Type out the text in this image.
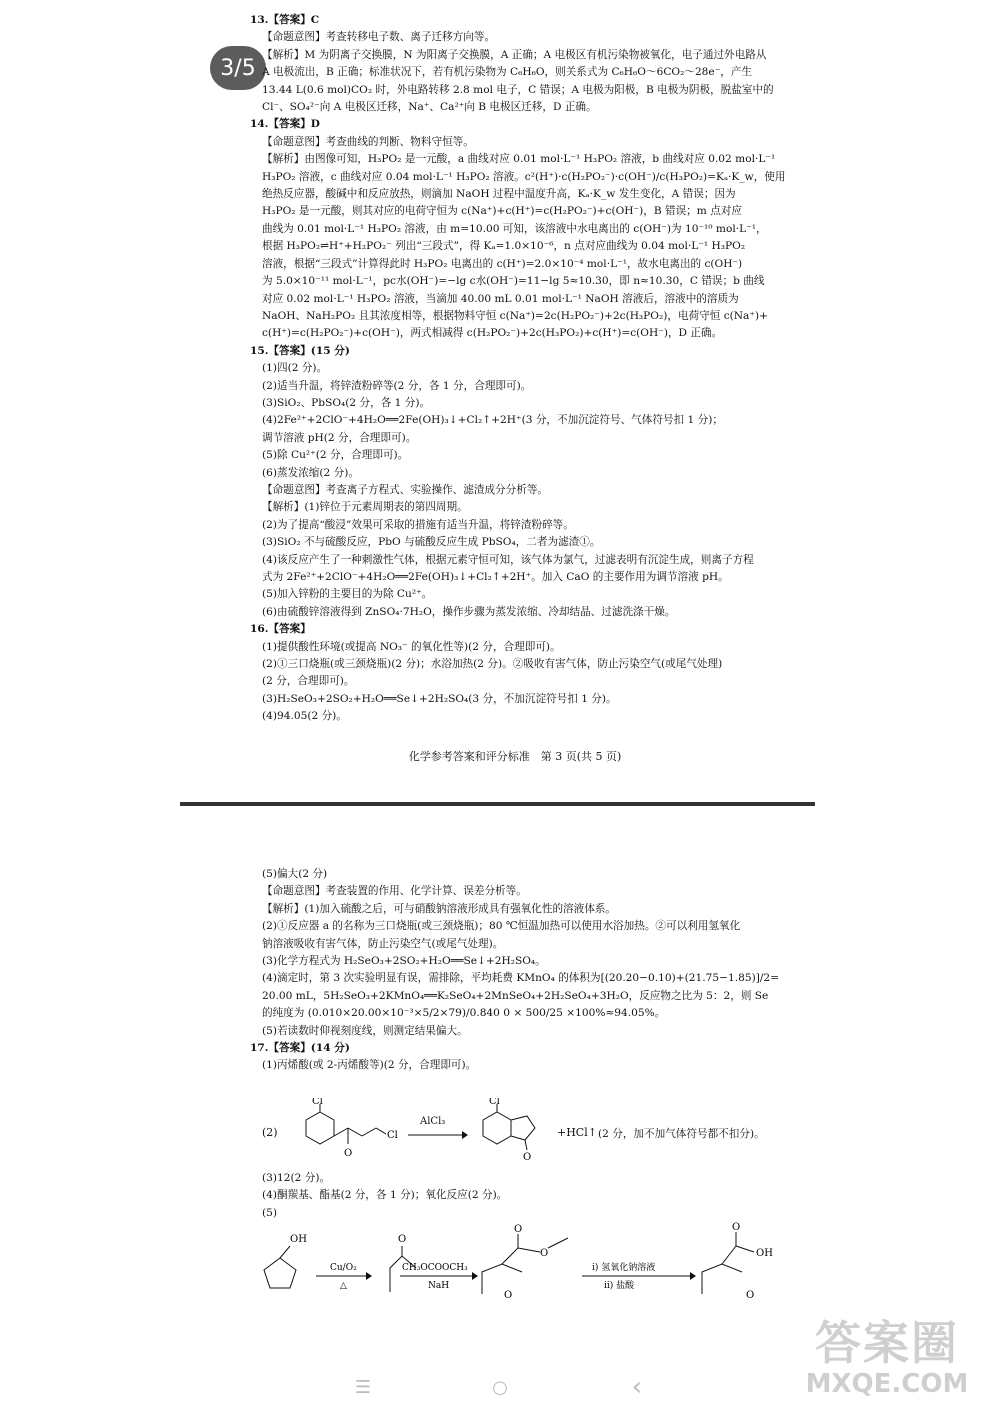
3/5

13.【答案】C

【命题意图】考查转移电子数、离子迁移方向等。

【解析】M 为阴离子交换膜，N 为阳离子交换膜，A 正确；A 电极区有机污染物被氧化，电子通过外电路从

A 电极流出，B 正确；标准状况下，若有机污染物为 C₆H₆O，则关系式为 C₆H₆O～6CO₂～28e⁻，产生

13.44 L(0.6 mol)CO₂ 时，外电路转移 2.8 mol 电子，C 错误；A 电极为阳极，B 电极为阴极，脱盐室中的

Cl⁻、SO₄²⁻向 A 电极区迁移，Na⁺、Ca²⁺向 B 电极区迁移，D 正确。

14.【答案】D

【命题意图】考查曲线的判断、物料守恒等。

【解析】由图像可知，H₃PO₂ 是一元酸，a 曲线对应 0.01 mol·L⁻¹ H₃PO₂ 溶液，b 曲线对应 0.02 mol·L⁻¹

H₃PO₂ 溶液，c 曲线对应 0.04 mol·L⁻¹ H₃PO₂ 溶液。c²(H⁺)·c(H₂PO₂⁻)·c(OH⁻)/c(H₃PO₂)=Kₐ·K_w，使用

绝热反应器，酸碱中和反应放热，则滴加 NaOH 过程中温度升高，Kₐ·K_w 发生变化，A 错误；因为

H₃PO₂ 是一元酸，则其对应的电荷守恒为 c(Na⁺)+c(H⁺)=c(H₂PO₂⁻)+c(OH⁻)，B 错误；m 点对应

曲线为 0.01 mol·L⁻¹ H₃PO₂ 溶液，由 m=10.00 可知，该溶液中水电离出的 c(OH⁻)为 10⁻¹⁰ mol·L⁻¹，

根据 H₃PO₂⇌H⁺+H₂PO₂⁻ 列出“三段式”，得 Kₐ=1.0×10⁻⁶，n 点对应曲线为 0.04 mol·L⁻¹ H₃PO₂

溶液，根据“三段式”计算得此时 H₃PO₂ 电离出的 c(H⁺)=2.0×10⁻⁴ mol·L⁻¹，故水电离出的 c(OH⁻)

为 5.0×10⁻¹¹ mol·L⁻¹，pc水(OH⁻)=−lg c水(OH⁻)=11−lg 5≈10.30，即 n≈10.30，C 错误；b 曲线

对应 0.02 mol·L⁻¹ H₃PO₂ 溶液，当滴加 40.00 mL 0.01 mol·L⁻¹ NaOH 溶液后，溶液中的溶质为

NaOH、NaH₂PO₂ 且其浓度相等，根据物料守恒 c(Na⁺)=2c(H₂PO₂⁻)+2c(H₃PO₂)，电荷守恒 c(Na⁺)+

c(H⁺)=c(H₂PO₂⁻)+c(OH⁻)，两式相减得 c(H₂PO₂⁻)+2c(H₃PO₂)+c(H⁺)=c(OH⁻)，D 正确。

15.【答案】(15 分)

(1)四(2 分)。

(2)适当升温，将锌渣粉碎等(2 分，各 1 分，合理即可)。

(3)SiO₂、PbSO₄(2 分，各 1 分)。

(4)2Fe²⁺+2ClO⁻+4H₂O══2Fe(OH)₃↓+Cl₂↑+2H⁺(3 分，不加沉淀符号、气体符号扣 1 分)；

调节溶液 pH(2 分，合理即可)。

(5)除 Cu²⁺(2 分，合理即可)。

(6)蒸发浓缩(2 分)。

【命题意图】考查离子方程式、实验操作、滤渣成分分析等。

【解析】(1)锌位于元素周期表的第四周期。

(2)为了提高“酸浸”效果可采取的措施有适当升温，将锌渣粉碎等。

(3)SiO₂ 不与硫酸反应，PbO 与硫酸反应生成 PbSO₄，二者为滤渣①。

(4)该反应产生了一种刺激性气体，根据元素守恒可知，该气体为氯气，过滤表明有沉淀生成，则离子方程

式为 2Fe²⁺+2ClO⁻+4H₂O══2Fe(OH)₃↓+Cl₂↑+2H⁺。加入 CaO 的主要作用为调节溶液 pH。

(5)加入锌粉的主要目的为除 Cu²⁺。

(6)由硫酸锌溶液得到 ZnSO₄·7H₂O，操作步骤为蒸发浓缩、冷却结晶、过滤洗涤干燥。

16.【答案】

(1)提供酸性环境(或提高 NO₃⁻ 的氧化性等)(2 分，合理即可)。

(2)①三口烧瓶(或三颈烧瓶)(2 分)；水浴加热(2 分)。②吸收有害气体，防止污染空气(或尾气处理)

(2 分，合理即可)。

(3)H₂SeO₃+2SO₂+H₂O══Se↓+2H₂SO₄(3 分，不加沉淀符号扣 1 分)。

(4)94.05(2 分)。

化学参考答案和评分标准　第 3 页(共 5 页)

(5)偏大(2 分)

【命题意图】考查装置的作用、化学计算、误差分析等。

【解析】(1)加入硫酸之后，可与硝酸钠溶液形成具有强氧化性的溶液体系。

(2)①反应器 a 的名称为三口烧瓶(或三颈烧瓶)；80 ℃恒温加热可以使用水浴加热。②可以利用氢氧化

钠溶液吸收有害气体，防止污染空气(或尾气处理)。

(3)化学方程式为 H₂SeO₃+2SO₂+H₂O══Se↓+2H₂SO₄。

(4)滴定时，第 3 次实验明显有误，需排除，平均耗费 KMnO₄ 的体积为[(20.20−0.10)+(21.75−1.85)]/2=

20.00 mL，5H₂SeO₃+2KMnO₄══K₂SeO₄+2MnSeO₄+2H₂SeO₄+3H₂O，反应物之比为 5：2，则 Se

的纯度为 (0.010×20.00×10⁻³×5/2×79)/0.840 0 × 500/25 ×100%≈94.05%。

(5)若读数时仰视刻度线，则测定结果偏大。

17.【答案】(14 分)

(1)丙烯酸(或 2-丙烯酸等)(2 分，合理即可)。

(2)
Cl
O
Cl
AlCl₃
Cl
O
+HCl↑ (2 分，加不加气体符号都不扣分)。

(3)12(2 分)。

(4)酮羰基、酯基(2 分，各 1 分)；氧化反应(2 分)。

(5)

OH
Cu/O₂
△
O
CH₃OCOOCH₃
NaH
O
O
O
i) 氢氧化钠溶液
ii) 盐酸
O
OH
O
☰	○	‹
答案圈
MXQE.COM
